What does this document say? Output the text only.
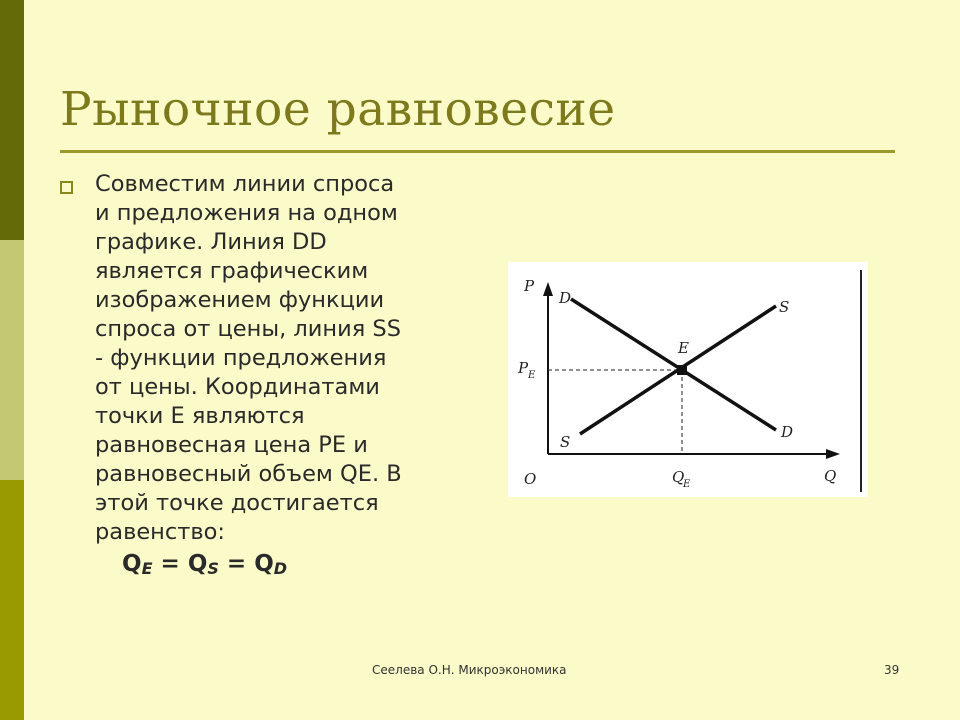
Рыночное равновесие
Совместим линии спроса
и предложения на одном
графике. Линия DD
является графическим
изображением функции
спроса от цены, линия SS
- функции предложения
от цены. Координатами
точки E являются
равновесная цена PE и
равновесный объем QE. В
этой точке достигается
равенство:
$Q_E = Q_S = Q_D$
P
Q
O
P E
Q
E
E
D
D
S
S
Сеелева О.Н. Микроэкономика	39
